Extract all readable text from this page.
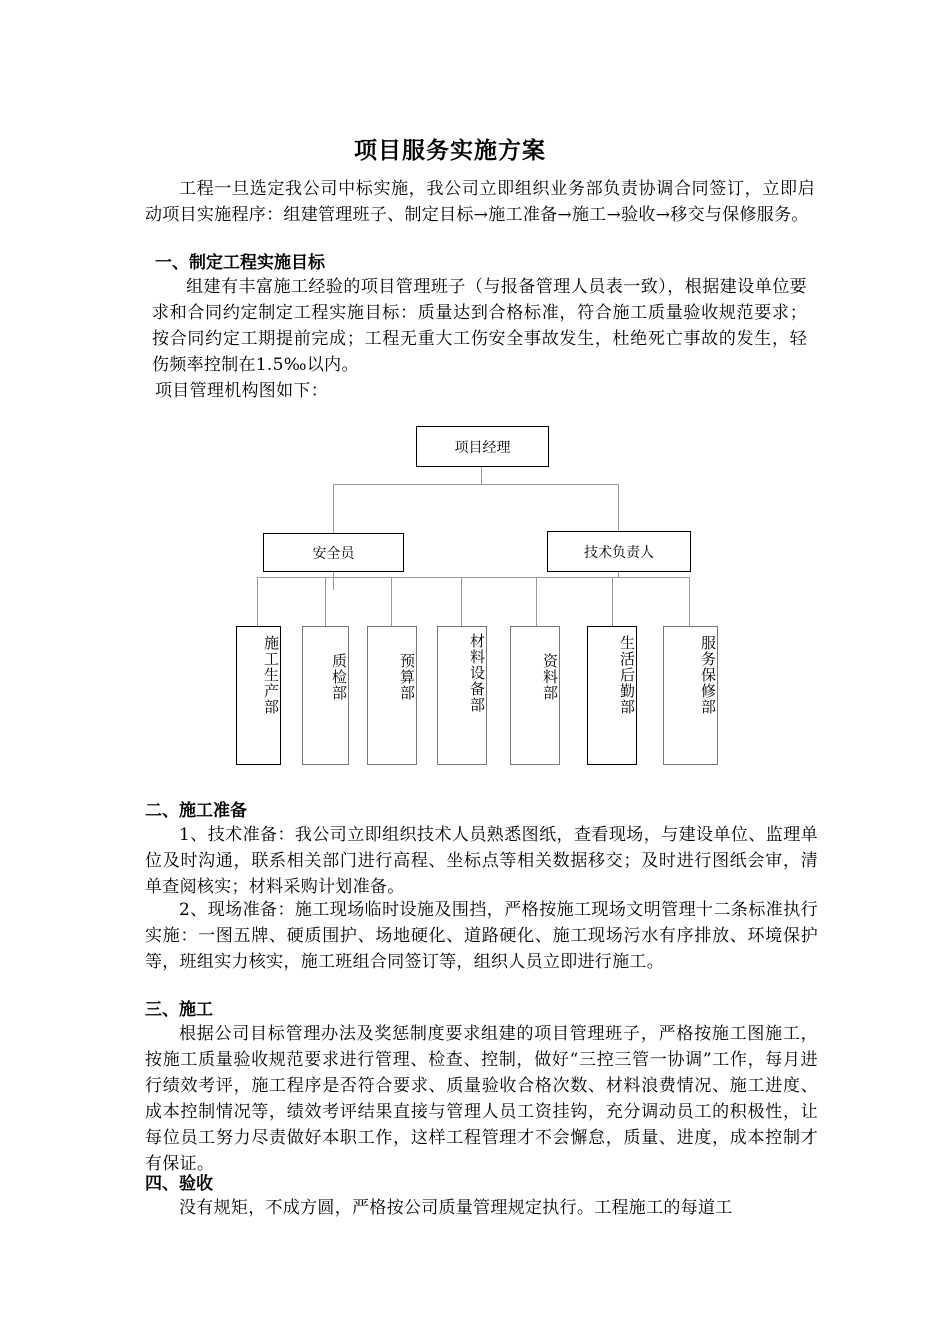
项目服务实施方案
工程一旦选定我公司中标实施，我公司立即组织业务部负责协调合同签订，立即启动项目实施程序：组建管理班子、制定目标→施工准备→施工→验收→移交与保修服务。
一、制定工程实施目标
组建有丰富施工经验的项目管理班子（与报备管理人员表一致），根据建设单位要求和合同约定制定工程实施目标：质量达到合格标准，符合施工质量验收规范要求；按合同约定工期提前完成；工程无重大工伤安全事故发生，杜绝死亡事故的发生，轻伤频率控制在1.5‰以内。
项目管理机构图如下：
项目经理
安全员	技术负责人
施工生产部	质检部	预算部	材料设备部	资料部	生活后勤部	服务保修部
二、施工准备
1、技术准备：我公司立即组织技术人员熟悉图纸，查看现场，与建设单位、监理单位及时沟通，联系相关部门进行高程、坐标点等相关数据移交；及时进行图纸会审，清单查阅核实；材料采购计划准备。
2、现场准备：施工现场临时设施及围挡，严格按施工现场文明管理十二条标准执行实施：一图五牌、硬质围护、场地硬化、道路硬化、施工现场污水有序排放、环境保护等，班组实力核实，施工班组合同签订等，组织人员立即进行施工。
三、施工
根据公司目标管理办法及奖惩制度要求组建的项目管理班子，严格按施工图施工，按施工质量验收规范要求进行管理、检查、控制，做好“三控三管一协调”工作，每月进行绩效考评，施工程序是否符合要求、质量验收合格次数、材料浪费情况、施工进度、成本控制情况等，绩效考评结果直接与管理人员工资挂钩，充分调动员工的积极性，让每位员工努力尽责做好本职工作，这样工程管理才不会懈怠，质量、进度，成本控制才有保证。
四、验收
没有规矩，不成方圆，严格按公司质量管理规定执行。工程施工的每道工
